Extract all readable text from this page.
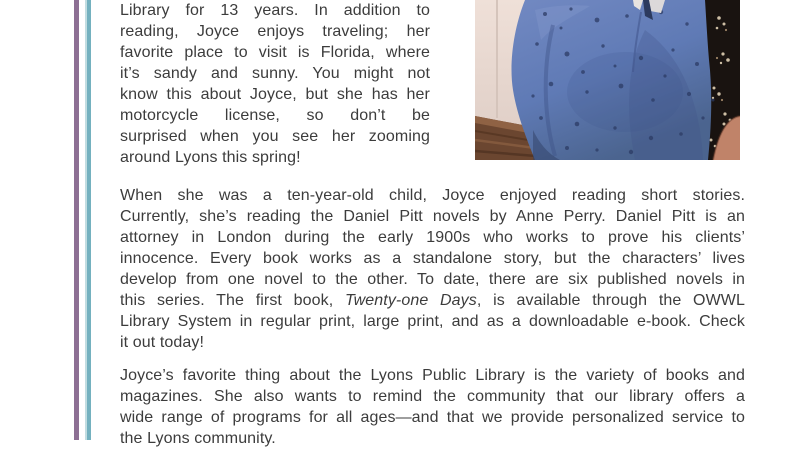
Library for 13 years. In addition to
reading, Joyce enjoys traveling; her
favorite place to visit is Florida, where
it’s sandy and sunny. You might not
know this about Joyce, but she has her
motorcycle license, so don’t be
surprised when you see her zooming
around Lyons this spring!
When she was a ten-year-old child, Joyce enjoyed reading short stories.
Currently, she’s reading the Daniel Pitt novels by Anne Perry. Daniel Pitt is an
attorney in London during the early 1900s who works to prove his clients’
innocence. Every book works as a standalone story, but the characters’ lives
develop from one novel to the other. To date, there are six published novels in
this series. The first book, Twenty-one Days, is available through the OWWL
Library System in regular print, large print, and as a downloadable e-book. Check
it out today!
Joyce’s favorite thing about the Lyons Public Library is the variety of books and
magazines. She also wants to remind the community that our library offers a
wide range of programs for all ages—and that we provide personalized service to
the Lyons community.
